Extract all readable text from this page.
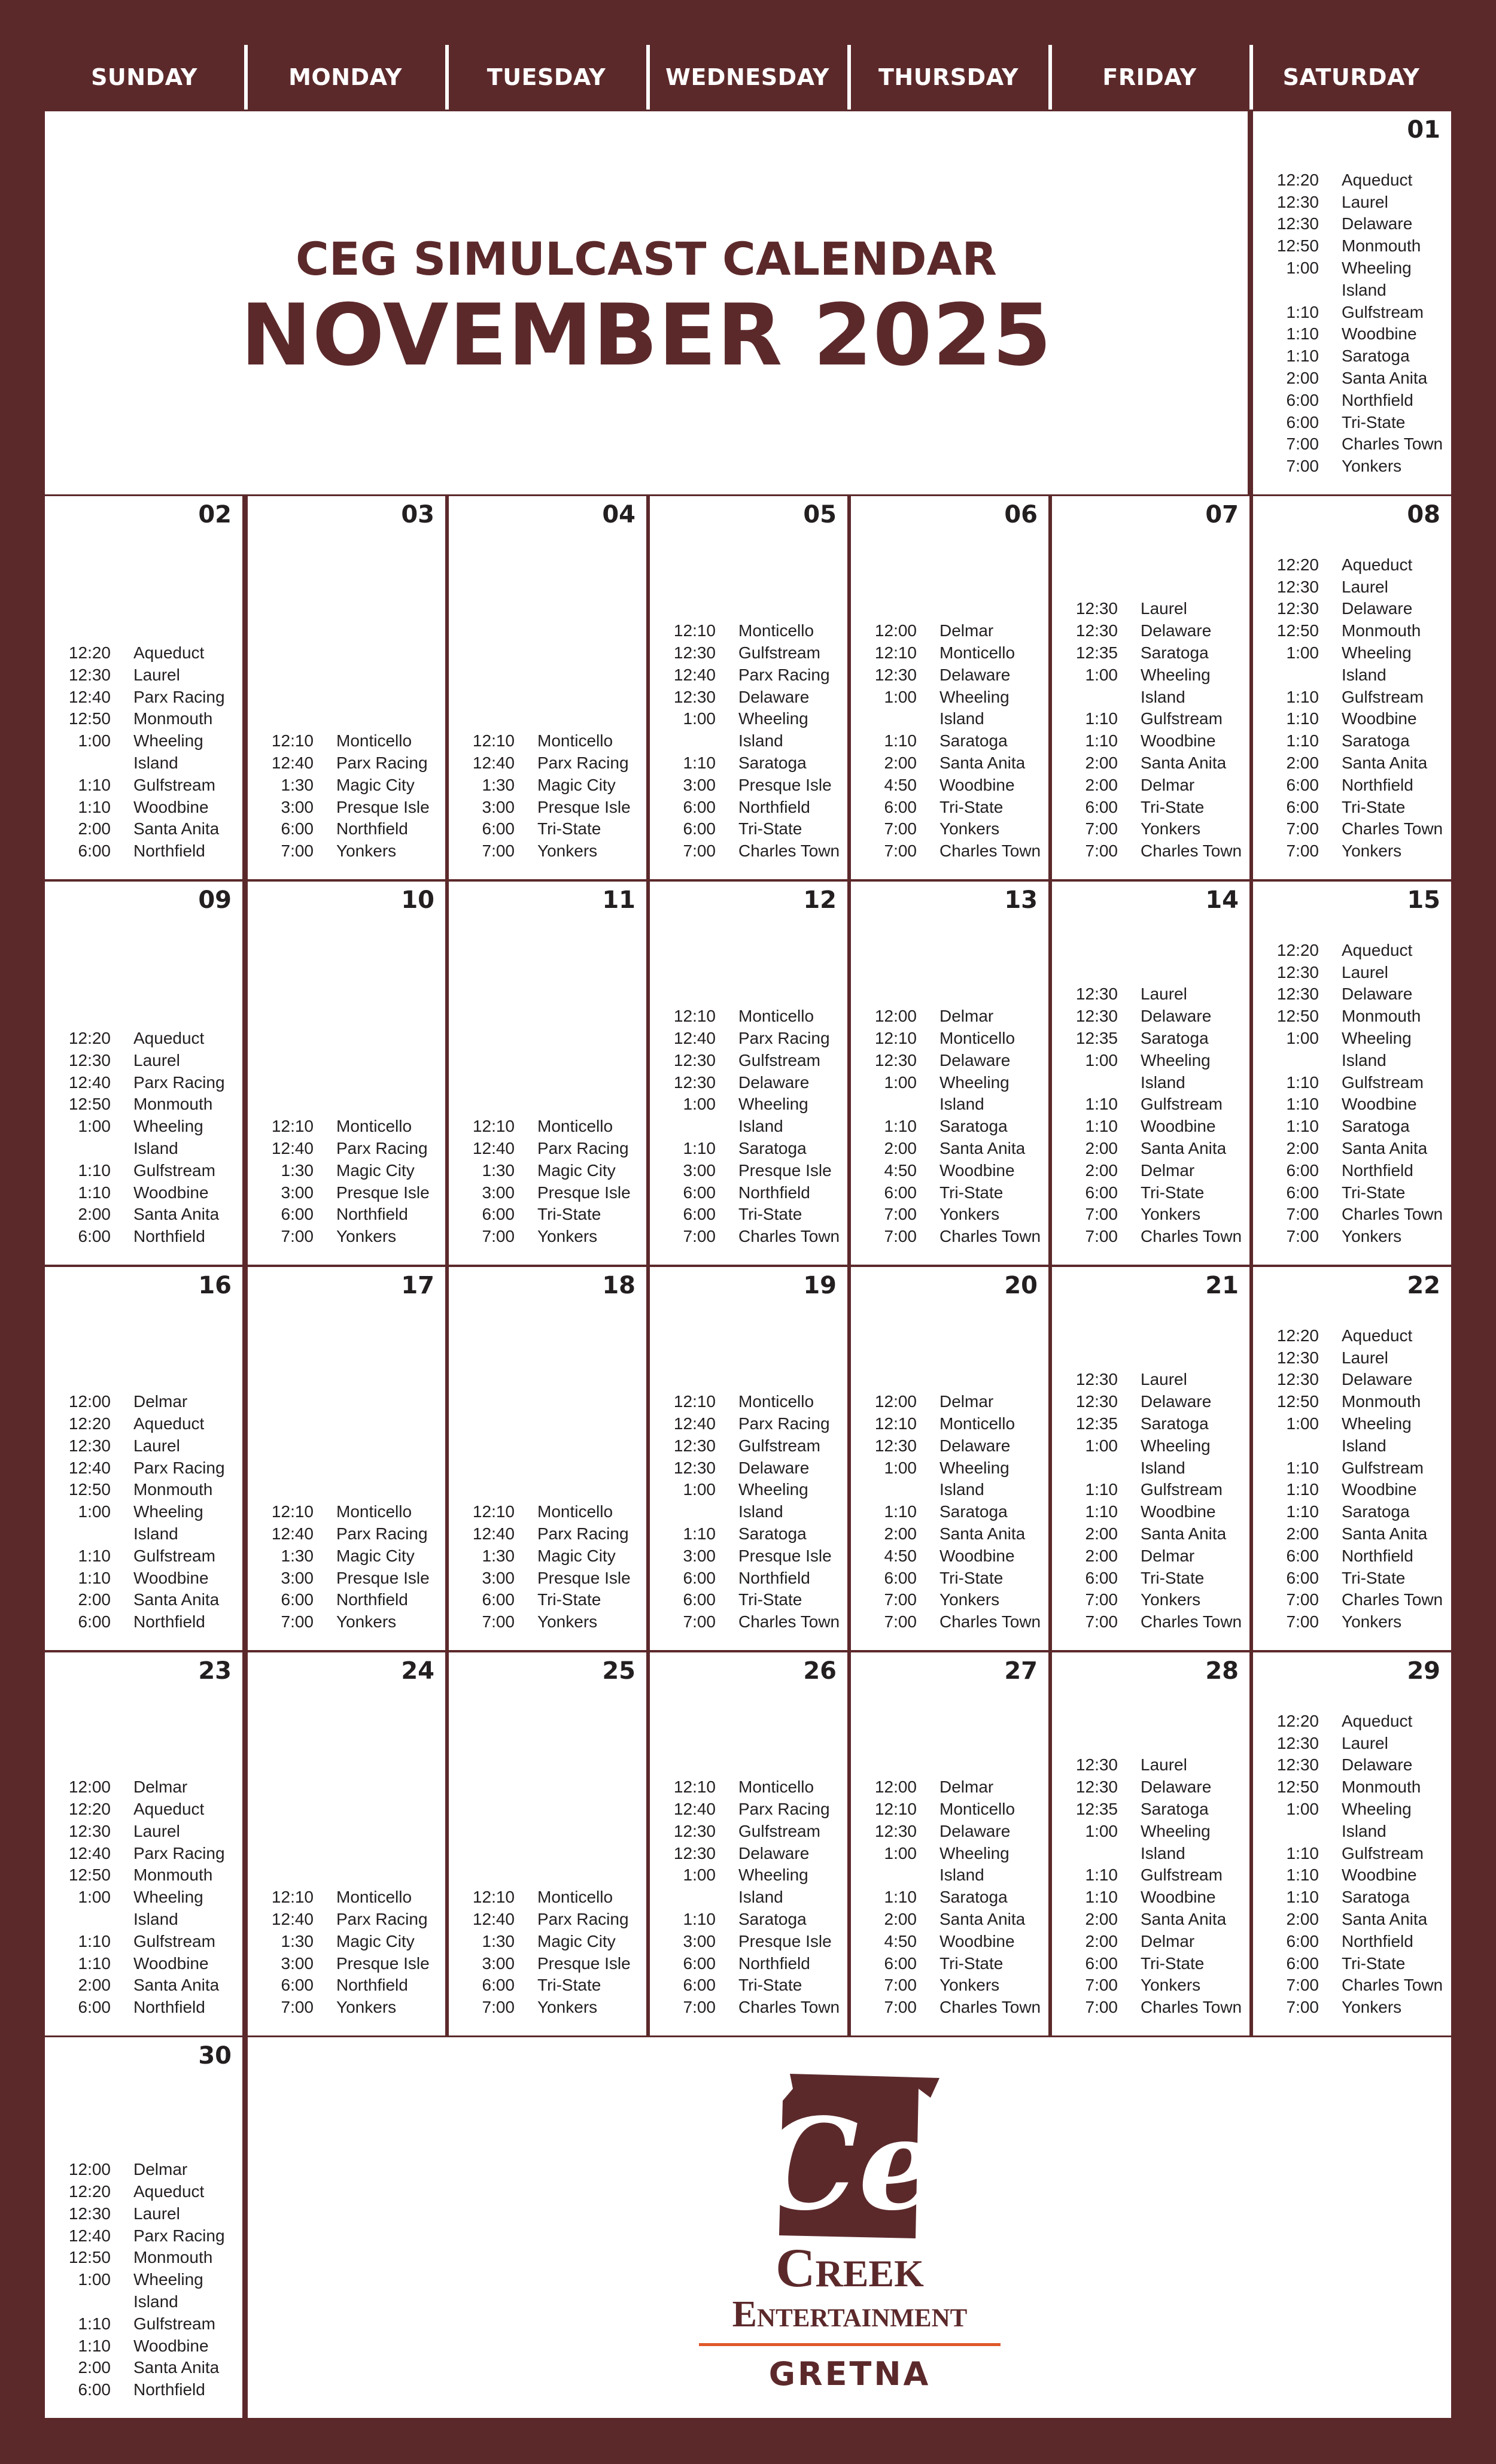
SUNDAY	MONDAY	TUESDAY	WEDNESDAY	THURSDAY	FRIDAY	SATURDAY
CEG SIMULCAST CALENDAR
NOVEMBER 2025
01
12:20 Aqueduct
12:30 Laurel
12:30 Delaware
12:50 Monmouth
1:00 Wheeling Island
1:10 Gulfstream
1:10 Woodbine
1:10 Saratoga
2:00 Santa Anita
6:00 Northfield
6:00 Tri-State
7:00 Charles Town
7:00 Yonkers
02
12:20 Aqueduct
12:30 Laurel
12:40 Parx Racing
12:50 Monmouth
1:00 Wheeling Island
1:10 Gulfstream
1:10 Woodbine
2:00 Santa Anita
6:00 Northfield
03
12:10 Monticello
12:40 Parx Racing
1:30 Magic City
3:00 Presque Isle
6:00 Northfield
7:00 Yonkers
04
12:10 Monticello
12:40 Parx Racing
1:30 Magic City
3:00 Presque Isle
6:00 Tri-State
7:00 Yonkers
05
12:10 Monticello
12:30 Gulfstream
12:40 Parx Racing
12:30 Delaware
1:00 Wheeling Island
1:10 Saratoga
3:00 Presque Isle
6:00 Northfield
6:00 Tri-State
7:00 Charles Town
06
12:00 Delmar
12:10 Monticello
12:30 Delaware
1:00 Wheeling Island
1:10 Saratoga
2:00 Santa Anita
4:50 Woodbine
6:00 Tri-State
7:00 Yonkers
7:00 Charles Town
07
12:30 Laurel
12:30 Delaware
12:35 Saratoga
1:00 Wheeling Island
1:10 Gulfstream
1:10 Woodbine
2:00 Santa Anita
2:00 Delmar
6:00 Tri-State
7:00 Yonkers
7:00 Charles Town
08
12:20 Aqueduct
12:30 Laurel
12:30 Delaware
12:50 Monmouth
1:00 Wheeling Island
1:10 Gulfstream
1:10 Woodbine
1:10 Saratoga
2:00 Santa Anita
6:00 Northfield
6:00 Tri-State
7:00 Charles Town
7:00 Yonkers
09
12:20 Aqueduct
12:30 Laurel
12:40 Parx Racing
12:50 Monmouth
1:00 Wheeling Island
1:10 Gulfstream
1:10 Woodbine
2:00 Santa Anita
6:00 Northfield
10
12:10 Monticello
12:40 Parx Racing
1:30 Magic City
3:00 Presque Isle
6:00 Northfield
7:00 Yonkers
11
12:10 Monticello
12:40 Parx Racing
1:30 Magic City
3:00 Presque Isle
6:00 Tri-State
7:00 Yonkers
12
12:10 Monticello
12:40 Parx Racing
12:30 Gulfstream
12:30 Delaware
1:00 Wheeling Island
1:10 Saratoga
3:00 Presque Isle
6:00 Northfield
6:00 Tri-State
7:00 Charles Town
13
12:00 Delmar
12:10 Monticello
12:30 Delaware
1:00 Wheeling Island
1:10 Saratoga
2:00 Santa Anita
4:50 Woodbine
6:00 Tri-State
7:00 Yonkers
7:00 Charles Town
14
12:30 Laurel
12:30 Delaware
12:35 Saratoga
1:00 Wheeling Island
1:10 Gulfstream
1:10 Woodbine
2:00 Santa Anita
2:00 Delmar
6:00 Tri-State
7:00 Yonkers
7:00 Charles Town
15
12:20 Aqueduct
12:30 Laurel
12:30 Delaware
12:50 Monmouth
1:00 Wheeling Island
1:10 Gulfstream
1:10 Woodbine
1:10 Saratoga
2:00 Santa Anita
6:00 Northfield
6:00 Tri-State
7:00 Charles Town
7:00 Yonkers
16
12:00 Delmar
12:20 Aqueduct
12:30 Laurel
12:40 Parx Racing
12:50 Monmouth
1:00 Wheeling Island
1:10 Gulfstream
1:10 Woodbine
2:00 Santa Anita
6:00 Northfield
17
12:10 Monticello
12:40 Parx Racing
1:30 Magic City
3:00 Presque Isle
6:00 Northfield
7:00 Yonkers
18
12:10 Monticello
12:40 Parx Racing
1:30 Magic City
3:00 Presque Isle
6:00 Tri-State
7:00 Yonkers
19
12:10 Monticello
12:40 Parx Racing
12:30 Gulfstream
12:30 Delaware
1:00 Wheeling Island
1:10 Saratoga
3:00 Presque Isle
6:00 Northfield
6:00 Tri-State
7:00 Charles Town
20
12:00 Delmar
12:10 Monticello
12:30 Delaware
1:00 Wheeling Island
1:10 Saratoga
2:00 Santa Anita
4:50 Woodbine
6:00 Tri-State
7:00 Yonkers
7:00 Charles Town
21
12:30 Laurel
12:30 Delaware
12:35 Saratoga
1:00 Wheeling Island
1:10 Gulfstream
1:10 Woodbine
2:00 Santa Anita
2:00 Delmar
6:00 Tri-State
7:00 Yonkers
7:00 Charles Town
22
12:20 Aqueduct
12:30 Laurel
12:30 Delaware
12:50 Monmouth
1:00 Wheeling Island
1:10 Gulfstream
1:10 Woodbine
1:10 Saratoga
2:00 Santa Anita
6:00 Northfield
6:00 Tri-State
7:00 Charles Town
7:00 Yonkers
23
12:00 Delmar
12:20 Aqueduct
12:30 Laurel
12:40 Parx Racing
12:50 Monmouth
1:00 Wheeling Island
1:10 Gulfstream
1:10 Woodbine
2:00 Santa Anita
6:00 Northfield
24
12:10 Monticello
12:40 Parx Racing
1:30 Magic City
3:00 Presque Isle
6:00 Northfield
7:00 Yonkers
25
12:10 Monticello
12:40 Parx Racing
1:30 Magic City
3:00 Presque Isle
6:00 Tri-State
7:00 Yonkers
26
12:10 Monticello
12:40 Parx Racing
12:30 Gulfstream
12:30 Delaware
1:00 Wheeling Island
1:10 Saratoga
3:00 Presque Isle
6:00 Northfield
6:00 Tri-State
7:00 Charles Town
27
12:00 Delmar
12:10 Monticello
12:30 Delaware
1:00 Wheeling Island
1:10 Saratoga
2:00 Santa Anita
4:50 Woodbine
6:00 Tri-State
7:00 Yonkers
7:00 Charles Town
28
12:30 Laurel
12:30 Delaware
12:35 Saratoga
1:00 Wheeling Island
1:10 Gulfstream
1:10 Woodbine
2:00 Santa Anita
2:00 Delmar
6:00 Tri-State
7:00 Yonkers
7:00 Charles Town
29
12:20 Aqueduct
12:30 Laurel
12:30 Delaware
12:50 Monmouth
1:00 Wheeling Island
1:10 Gulfstream
1:10 Woodbine
1:10 Saratoga
2:00 Santa Anita
6:00 Northfield
6:00 Tri-State
7:00 Charles Town
7:00 Yonkers
30
12:00 Delmar
12:20 Aqueduct
12:30 Laurel
12:40 Parx Racing
12:50 Monmouth
1:00 Wheeling Island
1:10 Gulfstream
1:10 Woodbine
2:00 Santa Anita
6:00 Northfield
Ce
Creek
Entertainment
GRETNA
